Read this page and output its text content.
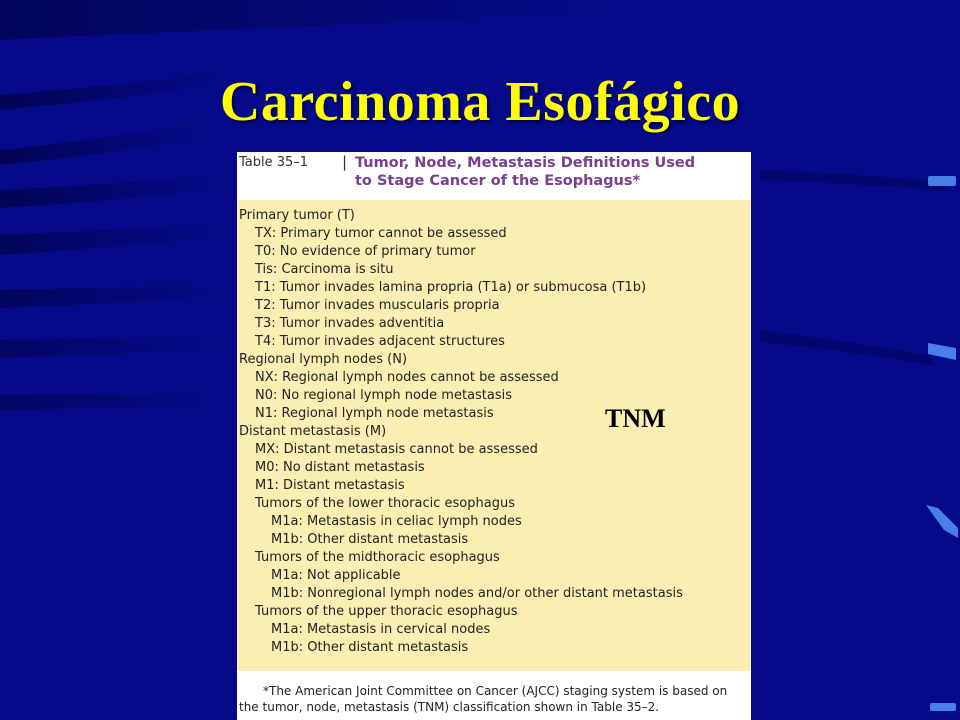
Carcinoma Esofágico
Table 35–1 | Tumor, Node, Metastasis Definitions Used
to Stage Cancer of the Esophagus*
Primary tumor (T)
TX: Primary tumor cannot be assessed
T0: No evidence of primary tumor
Tis: Carcinoma is situ
T1: Tumor invades lamina propria (T1a) or submucosa (T1b)
T2: Tumor invades muscularis propria
T3: Tumor invades adventitia
T4: Tumor invades adjacent structures
Regional lymph nodes (N)
NX: Regional lymph nodes cannot be assessed
N0: No regional lymph node metastasis
N1: Regional lymph node metastasis
Distant metastasis (M)
MX: Distant metastasis cannot be assessed
M0: No distant metastasis
M1: Distant metastasis
Tumors of the lower thoracic esophagus
M1a: Metastasis in celiac lymph nodes
M1b: Other distant metastasis
Tumors of the midthoracic esophagus
M1a: Not applicable
M1b: Nonregional lymph nodes and/or other distant metastasis
Tumors of the upper thoracic esophagus
M1a: Metastasis in cervical nodes
M1b: Other distant metastasis
*The American Joint Committee on Cancer (AJCC) staging system is based on the tumor, node, metastasis (TNM) classification shown in Table 35–2.
TNM
